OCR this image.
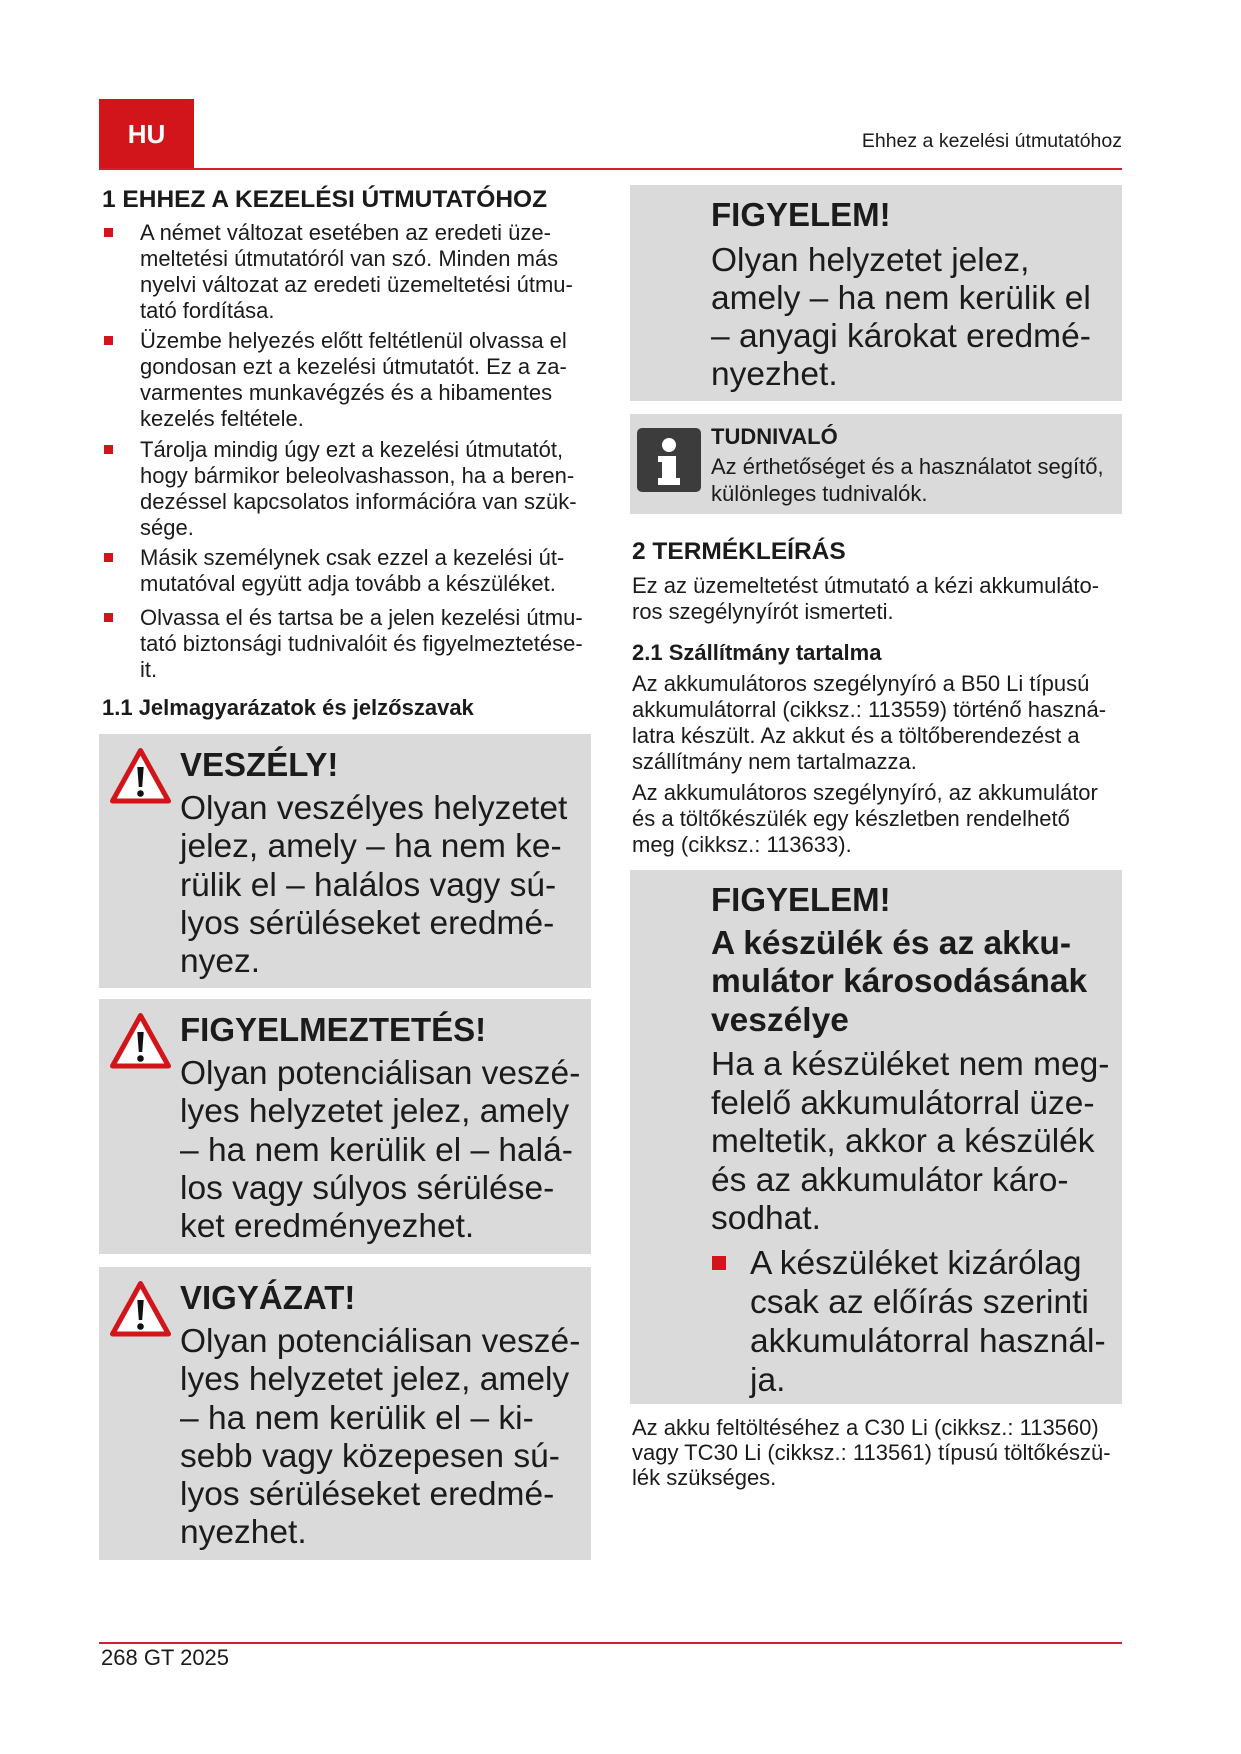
HU	Ehhez a kezelési útmutatóhoz
1 EHHEZ A KEZELÉSI ÚTMUTATÓHOZ
A német változat esetében az eredeti üze-
meltetési útmutatóról van szó. Minden más
nyelvi változat az eredeti üzemeltetési útmu-
tató fordítása.
Üzembe helyezés előtt feltétlenül olvassa el
gondosan ezt a kezelési útmutatót. Ez a za-
varmentes munkavégzés és a hibamentes
kezelés feltétele.
Tárolja mindig úgy ezt a kezelési útmutatót,
hogy bármikor beleolvashasson, ha a beren-
dezéssel kapcsolatos információra van szük-
sége.
Másik személynek csak ezzel a kezelési út-
mutatóval együtt adja tovább a készüléket.
Olvassa el és tartsa be a jelen kezelési útmu-
tató biztonsági tudnivalóit és figyelmeztetése-
it.
1.1 Jelmagyarázatok és jelzőszavak
VESZÉLY!
Olyan veszélyes helyzetet
jelez, amely – ha nem ke-
rülik el – halálos vagy sú-
lyos sérüléseket eredmé-
nyez.
FIGYELMEZTETÉS!
Olyan potenciálisan veszé-
lyes helyzetet jelez, amely
– ha nem kerülik el – halá-
los vagy súlyos sérülése-
ket eredményezhet.
VIGYÁZAT!
Olyan potenciálisan veszé-
lyes helyzetet jelez, amely
– ha nem kerülik el – ki-
sebb vagy közepesen sú-
lyos sérüléseket eredmé-
nyezhet.
FIGYELEM!
Olyan helyzetet jelez,
amely – ha nem kerülik el
– anyagi károkat eredmé-
nyezhet.
TUDNIVALÓ
Az érthetőséget és a használatot segítő,
különleges tudnivalók.
2 TERMÉKLEÍRÁS
Ez az üzemeltetést útmutató a kézi akkumuláto-
ros szegélynyírót ismerteti.
2.1 Szállítmány tartalma
Az akkumulátoros szegélynyíró a B50 Li típusú
akkumulátorral (cikksz.: 113559) történő haszná-
latra készült. Az akkut és a töltőberendezést a
szállítmány nem tartalmazza.
Az akkumulátoros szegélynyíró, az akkumulátor
és a töltőkészülék egy készletben rendelhető
meg (cikksz.: 113633).
FIGYELEM!
A készülék és az akku-
mulátor károsodásának
veszélye
Ha a készüléket nem meg-
felelő akkumulátorral üze-
meltetik, akkor a készülék
és az akkumulátor káro-
sodhat.
A készüléket kizárólag
csak az előírás szerinti
akkumulátorral használ-
ja.
Az akku feltöltéséhez a C30 Li (cikksz.: 113560)
vagy TC30 Li (cikksz.: 113561) típusú töltőkészü-
lék szükséges.
268 GT 2025
